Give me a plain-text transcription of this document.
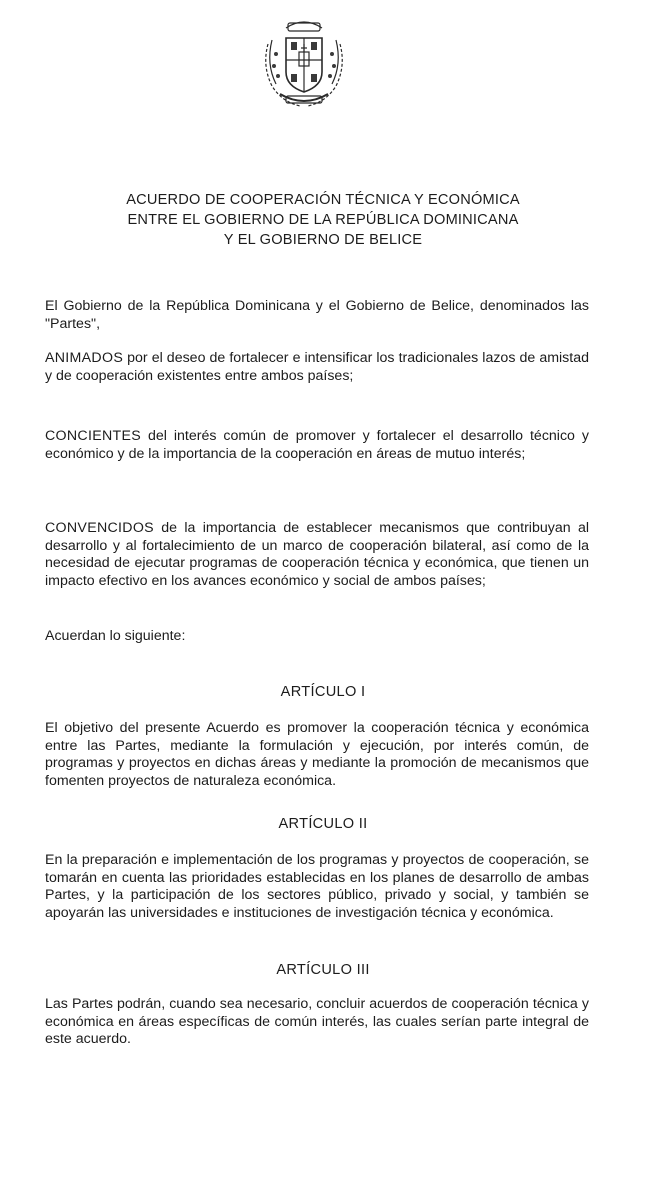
ACUERDO DE COOPERACIÓN TÉCNICA Y ECONÓMICA
ENTRE EL GOBIERNO DE LA REPÚBLICA DOMINICANA
Y EL GOBIERNO DE BELICE
El Gobierno de la República Dominicana y el Gobierno de Belice, denominados las "Partes",
ANIMADOS por el deseo de fortalecer e intensificar los tradicionales lazos de amistad y de cooperación existentes entre ambos países;
CONCIENTES del interés común de promover y fortalecer el desarrollo técnico y económico y de la importancia de la cooperación en áreas de mutuo interés;
CONVENCIDOS de la importancia de establecer mecanismos que contribuyan al desarrollo y al fortalecimiento de un marco de cooperación bilateral, así como de la necesidad de ejecutar programas de cooperación técnica y económica, que tienen un impacto efectivo en los avances económico y social de ambos países;
Acuerdan lo siguiente:
ARTÍCULO I
El objetivo del presente Acuerdo es promover la cooperación técnica y económica entre las Partes, mediante la formulación y ejecución, por interés común, de programas y proyectos en dichas áreas y mediante la promoción de mecanismos que fomenten proyectos de naturaleza económica.
ARTÍCULO II
En la preparación e implementación de los programas y proyectos de cooperación, se tomarán en cuenta las prioridades establecidas en los planes de desarrollo de ambas Partes, y la participación de los sectores público, privado y social, y también se apoyarán las universidades e instituciones de investigación técnica y económica.
ARTÍCULO III
Las Partes podrán, cuando sea necesario, concluir acuerdos de cooperación técnica y económica en áreas específicas de común interés, las cuales serían parte integral de este acuerdo.
